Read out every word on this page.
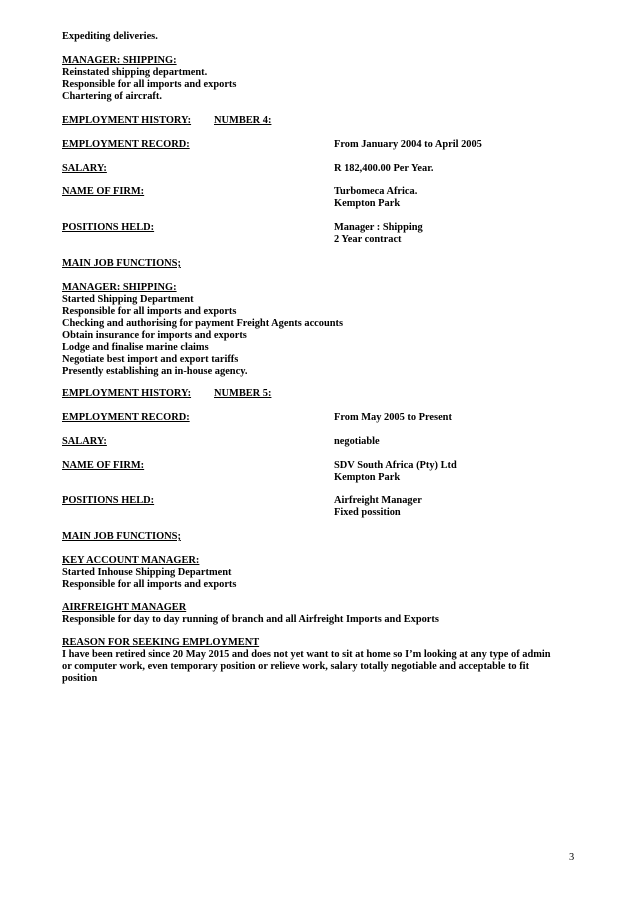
Expediting deliveries.
MANAGER: SHIPPING:
Reinstated shipping department.
Responsible for all imports and exports
Chartering of aircraft.
EMPLOYMENT HISTORY: NUMBER 4:
EMPLOYMENT RECORD:	From January 2004 to April 2005
SALARY:	R 182,400.00 Per Year.
NAME OF FIRM:	Turbomeca Africa.
Kempton Park
POSITIONS HELD:	Manager : Shipping
2 Year contract
MAIN JOB FUNCTIONS;
MANAGER: SHIPPING:
Started Shipping Department
Responsible for all imports and exports
Checking and authorising for payment Freight Agents accounts
Obtain insurance for imports and exports
Lodge and finalise marine claims
Negotiate best import and export tariffs
Presently establishing an in-house agency.
EMPLOYMENT HISTORY: NUMBER 5:
EMPLOYMENT RECORD:	From May 2005 to Present
SALARY:	negotiable
NAME OF FIRM:	SDV South Africa (Pty) Ltd
Kempton Park
POSITIONS HELD:	Airfreight Manager
Fixed possition
MAIN JOB FUNCTIONS;
KEY ACCOUNT MANAGER:
Started Inhouse Shipping Department
Responsible for all imports and exports
AIRFREIGHT MANAGER
Responsible for day to day running of branch and all Airfreight Imports and Exports
REASON FOR SEEKING EMPLOYMENT
I have been retired since 20 May 2015 and does not yet want to sit at home so I’m looking at any type of admin
or computer work, even temporary position or relieve work, salary totally negotiable and acceptable to fit
position
3
